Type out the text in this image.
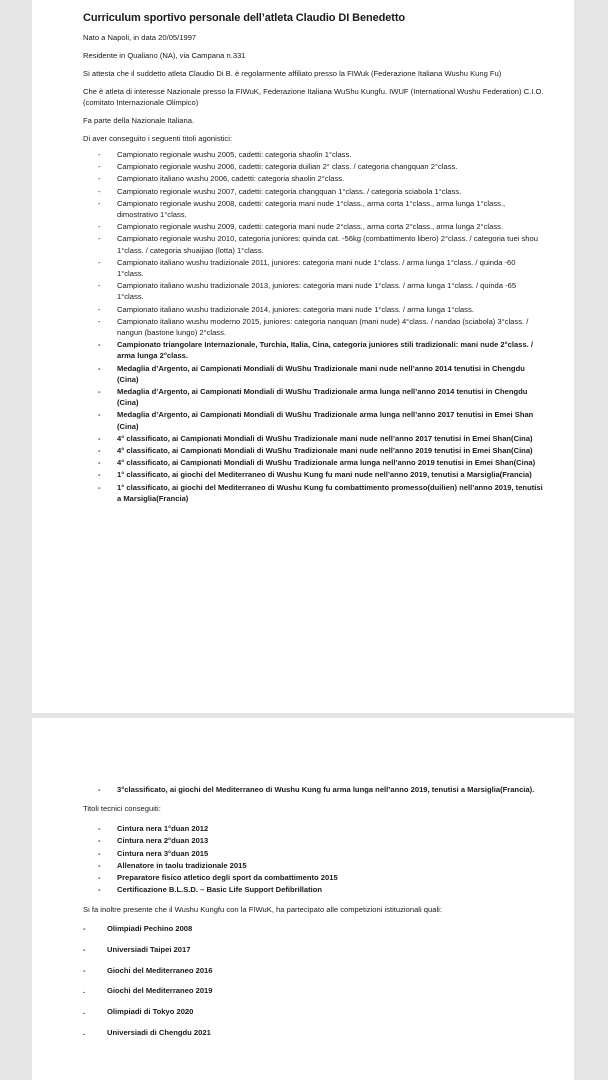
Curriculum sportivo personale dell’atleta Claudio DI Benedetto

Nato a Napoli, in data 20/05/1997

Residente in Qualiano (NA), via Campana n.331

Si attesta che il suddetto atleta Claudio Di B. è regolarmente affiliato presso la FIWuk (Federazione Italiana Wushu Kung Fu)

Che è atleta di interesse Nazionale presso la FIWuK, Federazione Italiana WuShu Kungfu. IWUF (International Wushu Federation) C.I.O. (comitato Internazionale Olimpico)

Fa parte della Nazionale Italiana.

Di aver conseguito i seguenti titoli agonistici:

- Campionato regionale wushu 2005, cadetti: categoria shaolin 1°class.
- Campionato regionale wushu 2006, cadetti: categoria duilian 2° class. / categoria changquan 2°class.
- Campionato italiano wushu 2006, cadetti: categoria shaolin 2°class.
- Campionato regionale wushu 2007, cadetti: categoria changquan 1°class. / categoria sciabola 1°class.
- Campionato regionale wushu 2008, cadetti: categoria mani nude 1°class., arma corta 1°class., arma lunga 1°class., dimostrativo 1°class.
- Campionato regionale wushu 2009, cadetti: categoria mani nude 2°class., arma corta 2°class., arma lunga 2°class.
- Campionato regionale wushu 2010, categoria juniores: quinda cat. -56kg (combattimento libero) 2°class. / categoria tuei shou 1°class. / categoria shuaijiao (lotta) 1°class.
- Campionato italiano wushu tradizionale 2011, juniores: categoria mani nude 1°class. / arma lunga 1°class. / quinda -60 1°class.
- Campionato italiano wushu tradizionale 2013, juniores: categoria mani nude 1°class. / arma lunga 1°class. / quinda -65 1°class.
- Campionato italiano wushu tradizionale 2014, juniores: categoria mani nude 1°class. / arma lunga 1°class.
- Campionato italiano wushu moderno 2015, juniores: categoria nanquan (mani nude) 4°class. / nandao (sciabola) 3°class. / nangun (bastone lungo) 2°class.
- Campionato triangolare Internazionale, Turchia, Italia, Cina, categoria juniores stili tradizionali: mani nude 2°class. / arma lunga 2°class.
- Medaglia d’Argento, ai Campionati Mondiali di WuShu Tradizionale mani nude nell’anno 2014 tenutisi in Chengdu (Cina)
- Medaglia d’Argento, ai Campionati Mondiali di WuShu Tradizionale arma lunga nell’anno 2014 tenutisi in Chengdu (Cina)
- Medaglia d’Argento, ai Campionati Mondiali di WuShu Tradizionale arma lunga nell’anno 2017 tenutisi in Emei Shan (Cina)
- 4° classificato, ai Campionati Mondiali di WuShu Tradizionale mani nude nell’anno 2017 tenutisi in Emei Shan(Cina)
- 4° classificato, ai Campionati Mondiali di WuShu Tradizionale mani nude nell’anno 2019 tenutisi in Emei Shan(Cina)
- 4° classificato, ai Campionati Mondiali di WuShu Tradizionale arma lunga nell’anno 2019 tenutisi in Emei Shan(Cina)
- 1° classificato, ai giochi del Mediterraneo di Wushu Kung fu mani nude nell’anno 2019, tenutisi a Marsiglia(Francia)
- 1° classificato, ai giochi del Mediterraneo di Wushu Kung fu combattimento promesso(duilien) nell’anno 2019, tenutisi a Marsiglia(Francia)
- 3°classificato, ai giochi del Mediterraneo di Wushu Kung fu arma lunga nell’anno 2019, tenutisi a Marsiglia(Francia).

Titoli tecnici conseguiti:

- Cintura nera 1°duan 2012
- Cintura nera 2°duan 2013
- Cintura nera 3°duan 2015
- Allenatore in taolu tradizionale 2015
- Preparatore fisico atletico degli sport da combattimento 2015
- Certificazione B.L.S.D. – Basic Life Support Defibrillation

Si fa inoltre presente che il Wushu Kungfu con la FIWuK, ha partecipato alle competizioni istituzionali quali:

-	Olimpiadi Pechino 2008
-	Universiadi Taipei 2017
-	Giochi del Mediterraneo 2016
.	Giochi del Mediterraneo 2019
.	Olimpiadi di Tokyo 2020
.	Universiadi di Chengdu 2021
